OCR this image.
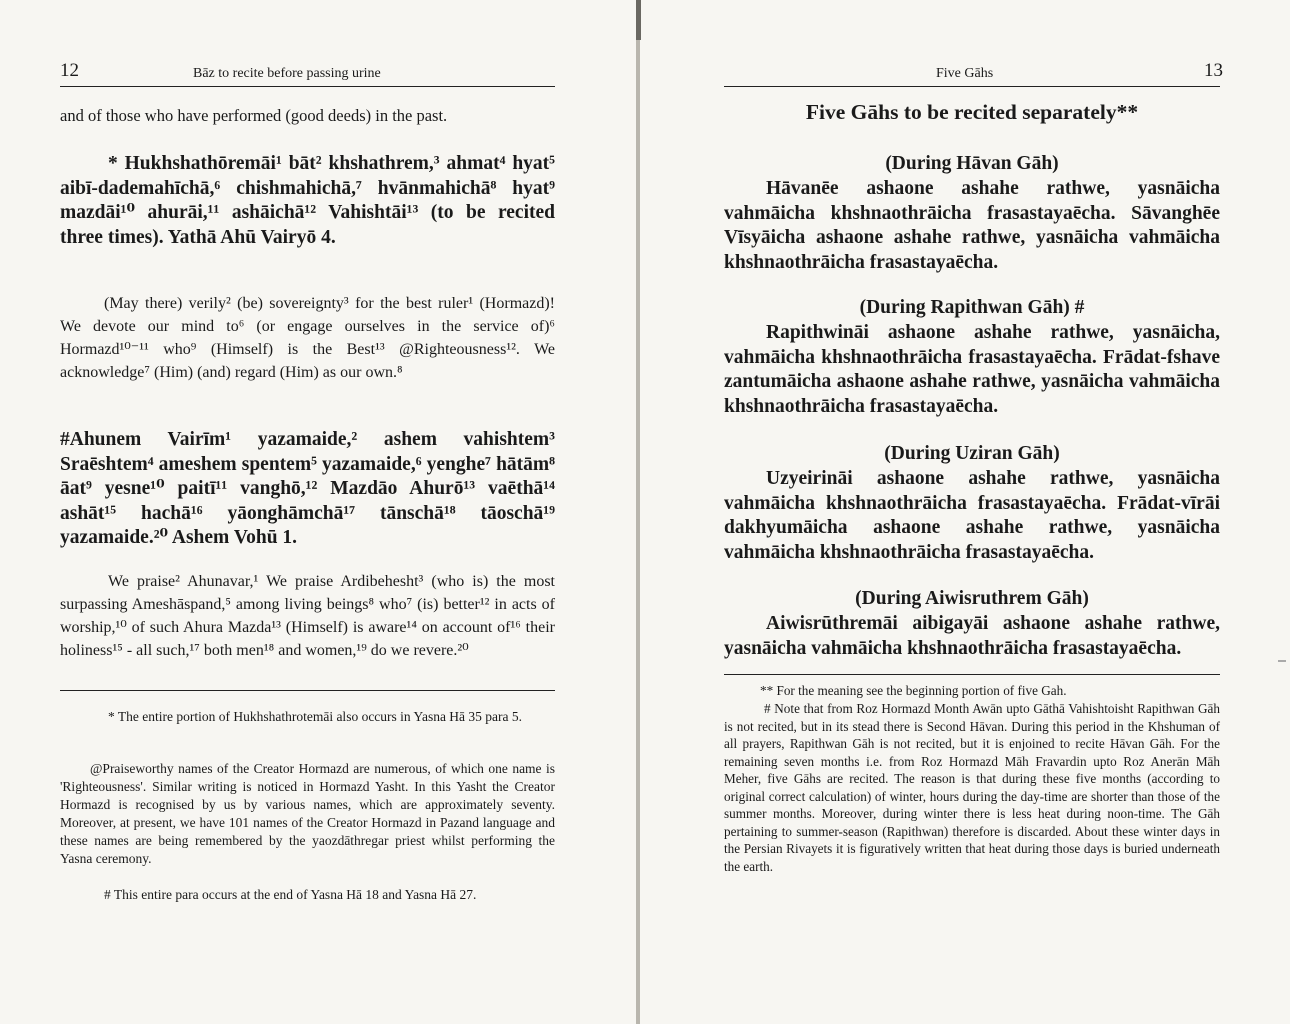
12	Bāz to recite before passing urine

and of those who have performed (good deeds) in the past.

* Hukhshathōremāi¹ bāt² khshathrem,³ ahmat⁴ hyat⁵ aibī-dademahīchā,⁶ chishmahichā,⁷ hvānmahichā⁸ hyat⁹ mazdāi¹⁰ ahurāi,¹¹ ashāichā¹² Vahishtāi¹³ (to be recited three times). Yathā Ahū Vairyō 4.

(May there) verily² (be) sovereignty³ for the best ruler¹ (Hormazd)! We devote our mind to⁶ (or engage ourselves in the service of)⁶ Hormazd¹⁰⁻¹¹ who⁹ (Himself) is the Best¹³ @Righteousness¹². We acknowledge⁷ (Him) (and) regard (Him) as our own.⁸

#Ahunem Vairīm¹ yazamaide,² ashem vahishtem³ Sraēshtem⁴ ameshem spentem⁵ yazamaide,⁶ yenghe⁷ hātām⁸ āat⁹ yesne¹⁰ paitī¹¹ vanghō,¹² Mazdāo Ahurō¹³ vaēthā¹⁴ ashāt¹⁵ hachā¹⁶ yāonghāmchā¹⁷ tānschā¹⁸ tāoschā¹⁹ yazamaide.²⁰ Ashem Vohū 1.

We praise² Ahunavar,¹ We praise Ardibehesht³ (who is) the most surpassing Ameshāspand,⁵ among living beings⁸ who⁷ (is) better¹² in acts of worship,¹⁰ of such Ahura Mazda¹³ (Himself) is aware¹⁴ on account of¹⁶ their holiness¹⁵ - all such,¹⁷ both men¹⁸ and women,¹⁹ do we revere.²⁰

* The entire portion of Hukhshathrotemāi also occurs in Yasna Hā 35 para 5.

@Praiseworthy names of the Creator Hormazd are numerous, of which one name is 'Righteousness'. Similar writing is noticed in Hormazd Yasht. In this Yasht the Creator Hormazd is recognised by us by various names, which are approximately seventy. Moreover, at present, we have 101 names of the Creator Hormazd in Pazand language and these names are being remembered by the yaozdāthregar priest whilst performing the Yasna ceremony.

# This entire para occurs at the end of Yasna Hā 18 and Yasna Hā 27.

Five Gāhs	13

Five Gāhs to be recited separately**

(During Hāvan Gāh)

Hāvanēe ashaone ashahe rathwe, yasnāicha vahmāicha khshnaothrāicha frasastayaēcha. Sāvanghēe Vīsyāicha ashaone ashahe rathwe, yasnāicha vahmāicha khshnaothrāicha frasastayaēcha.

(During Rapithwan Gāh) #

Rapithwināi ashaone ashahe rathwe, yasnāicha, vahmāicha khshnaothrāicha frasastayaēcha. Frādat-fshave zantumāicha ashaone ashahe rathwe, yasnāicha vahmāicha khshnaothrāicha frasastayaēcha.

(During Uziran Gāh)

Uzyeirināi ashaone ashahe rathwe, yasnāicha vahmāicha khshnaothrāicha frasastayaēcha. Frādat-vīrāi dakhyumāicha ashaone ashahe rathwe, yasnāicha vahmāicha khshnaothrāicha frasastayaēcha.

(During Aiwisruthrem Gāh)

Aiwisrūthremāi aibigayāi ashaone ashahe rathwe, yasnāicha vahmāicha khshnaothrāicha frasastayaēcha.

** For the meaning see the beginning portion of five Gah.

# Note that from Roz Hormazd Month Awān upto Gāthā Vahishtoisht Rapithwan Gāh is not recited, but in its stead there is Second Hāvan. During this period in the Khshuman of all prayers, Rapithwan Gāh is not recited, but it is enjoined to recite Hāvan Gāh. For the remaining seven months i.e. from Roz Hormazd Māh Fravardin upto Roz Anerān Māh Meher, five Gāhs are recited. The reason is that during these five months (according to original correct calculation) of winter, hours during the day-time are shorter than those of the summer months. Moreover, during winter there is less heat during noon-time. The Gāh pertaining to summer-season (Rapithwan) therefore is discarded. About these winter days in the Persian Rivayets it is figuratively written that heat during those days is buried underneath the earth.
